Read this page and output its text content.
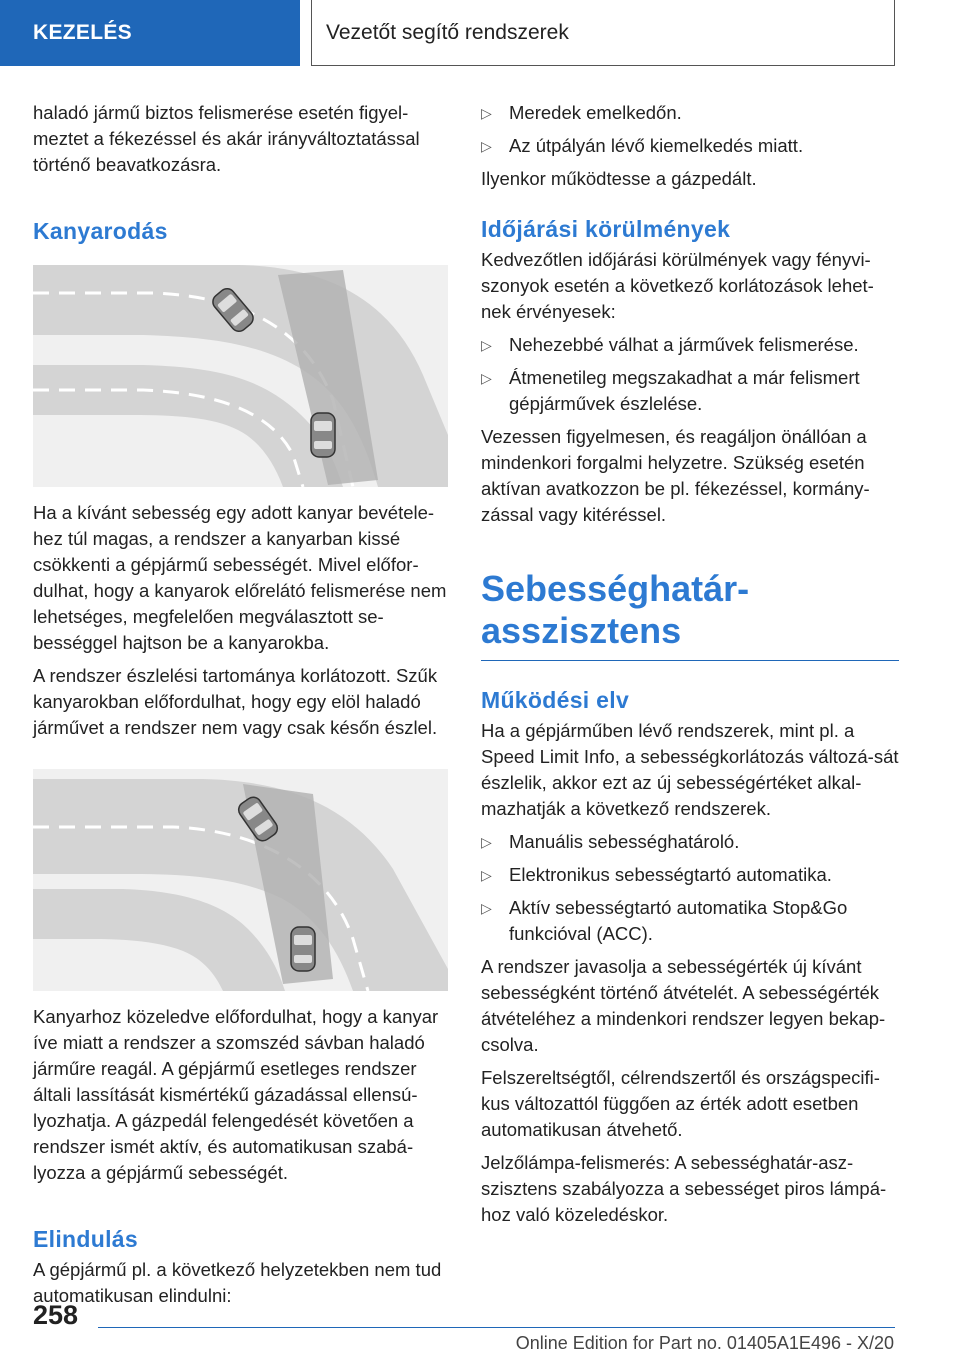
KEZELÉS	Vezetőt segítő rendszerek

haladó jármű biztos felismerése esetén figyel-meztet a fékezéssel és akár irányváltoztatással történő beavatkozásra.

Kanyarodás

Ha a kívánt sebesség egy adott kanyar bevétele-hez túl magas, a rendszer a kanyarban kissé csökkenti a gépjármű sebességét. Mivel előfor-dulhat, hogy a kanyarok előrelátó felismerése nem lehetséges, megfelelően megválasztott se-bességgel hajtson be a kanyarokba.

A rendszer észlelési tartománya korlátozott. Szűk kanyarokban előfordulhat, hogy egy elöl haladó járművet a rendszer nem vagy csak későn észlel.

Kanyarhoz közeledve előfordulhat, hogy a kanyar íve miatt a rendszer a szomszéd sávban haladó járműre reagál. A gépjármű esetleges rendszer általi lassítását kismértékű gázadással ellensú-lyozhatja. A gázpedál felengedését követően a rendszer ismét aktív, és automatikusan szabá-lyozza a gépjármű sebességét.

Elindulás

A gépjármű pl. a következő helyzetekben nem tud automatikusan elindulni:

▷ Meredek emelkedőn.
▷ Az útpályán lévő kiemelkedés miatt.

Ilyenkor működtesse a gázpedált.

Időjárási körülmények

Kedvezőtlen időjárási körülmények vagy fényvi-szonyok esetén a következő korlátozások lehet-nek érvényesek:

▷ Nehezebbé válhat a járművek felismerése.
▷ Átmenetileg megszakadhat a már felismert gépjárművek észlelése.

Vezessen figyelmesen, és reagáljon önállóan a mindenkori forgalmi helyzetre. Szükség esetén aktívan avatkozzon be pl. fékezéssel, kormány-zással vagy kitéréssel.

Sebességhatár-asszisztens
Működési elv

Ha a gépjárműben lévő rendszerek, mint pl. a Speed Limit Info, a sebességkorlátozás változá-sát észlelik, akkor ezt az új sebességértéket alkal-mazhatják a következő rendszerek.

▷ Manuális sebességhatároló.
▷ Elektronikus sebességtartó automatika.
▷ Aktív sebességtartó automatika Stop&Go funkcióval (ACC).

A rendszer javasolja a sebességérték új kívánt sebességként történő átvételét. A sebességérték átvételéhez a mindenkori rendszer legyen bekap-csolva.

Felszereltségtől, célrendszertől és országspecifi-kus változattól függően az érték adott esetben automatikusan átvehető.

Jelzőlámpa-felismerés: A sebességhatár-asz-szisztens szabályozza a sebességet piros lámpá-hoz való közeledéskor.

258
Online Edition for Part no. 01405A1E496 - X/20
